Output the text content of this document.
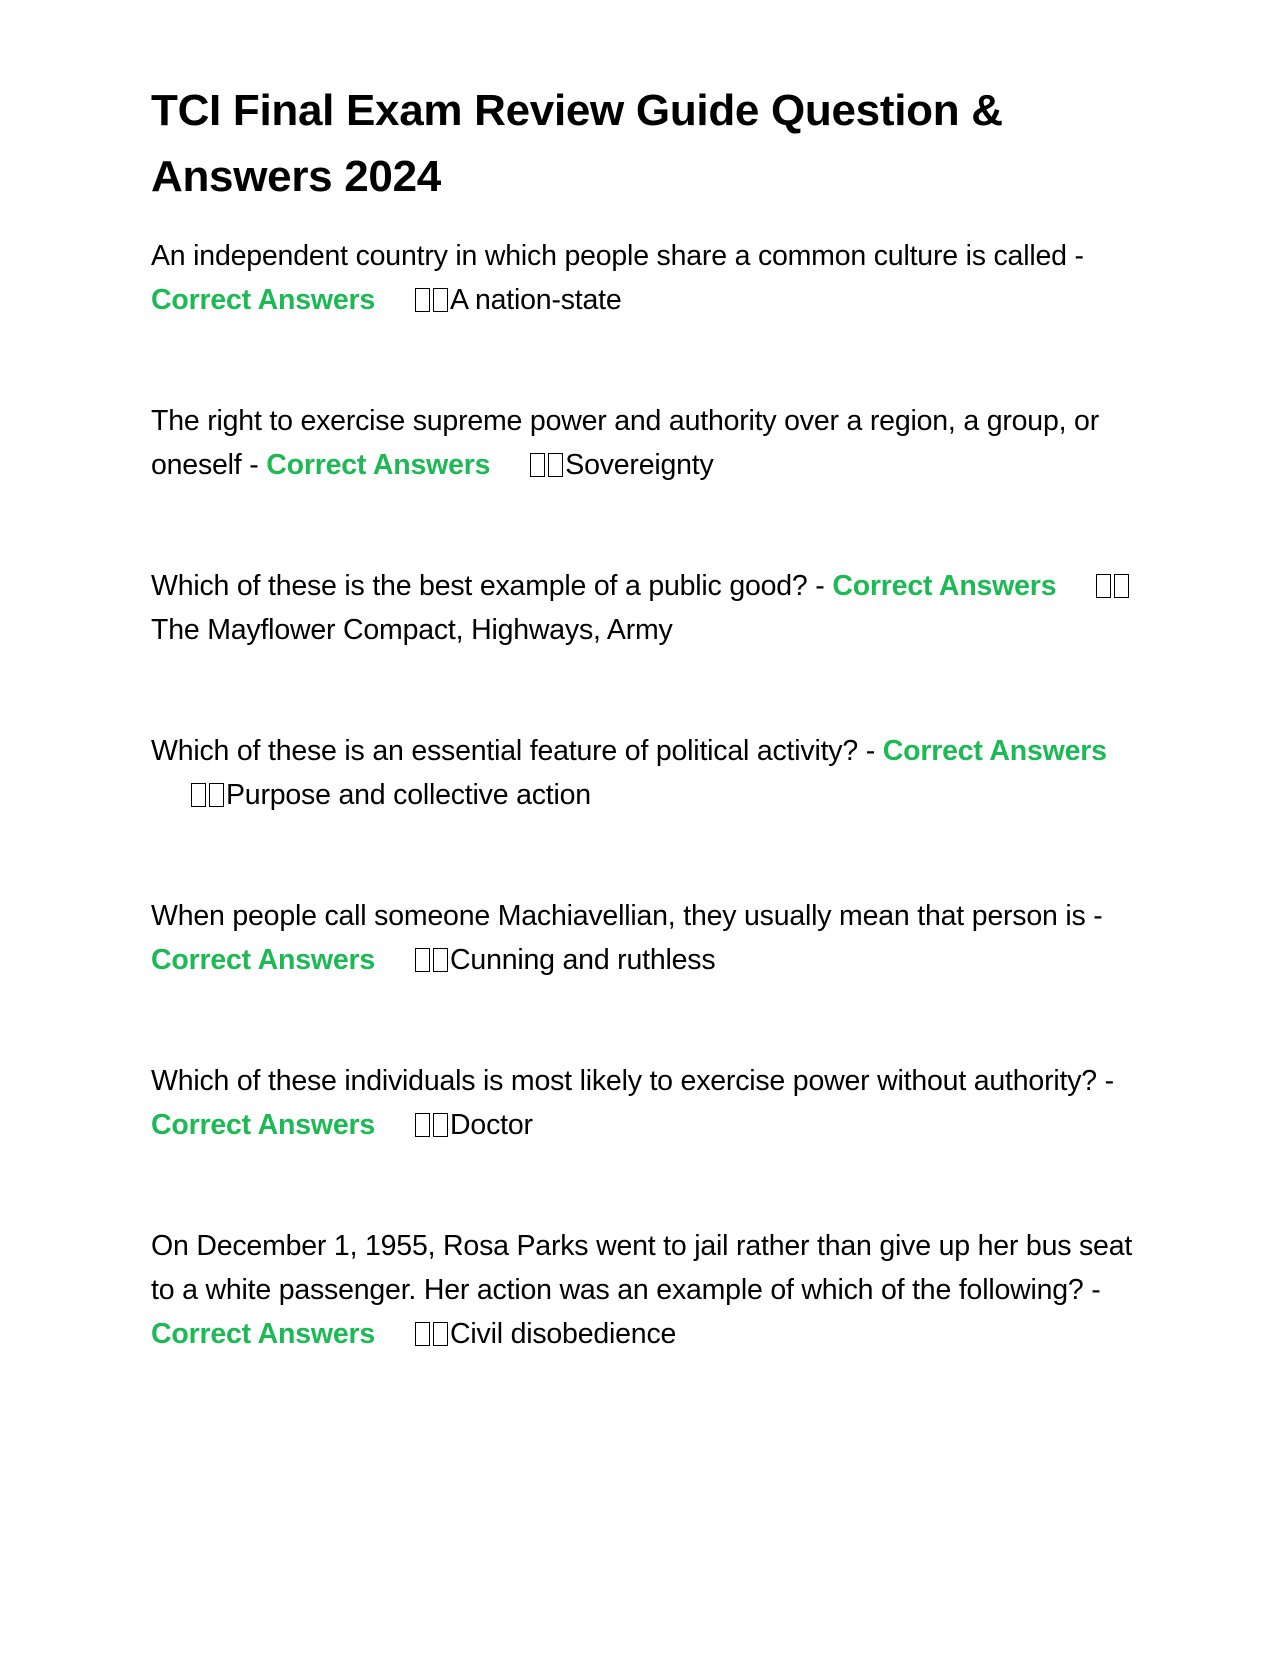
TCI Final Exam Review Guide Question & Answers 2024

An independent country in which people share a common culture is called - Correct Answers	A nation-state

The right to exercise supreme power and authority over a region, a group, or oneself - Correct Answers	Sovereignty

Which of these is the best example of a public good? - Correct AnswersThe Mayflower Compact, Highways, Army

Which of these is an essential feature of political activity? - Correct AnswersPurpose and collective action

When people call someone Machiavellian, they usually mean that person is - Correct Answers	Cunning and ruthless

Which of these individuals is most likely to exercise power without authority? - Correct Answers	Doctor

On December 1, 1955, Rosa Parks went to jail rather than give up her bus seat to a white passenger. Her action was an example of which of the following? - Correct Answers	Civil disobedience
